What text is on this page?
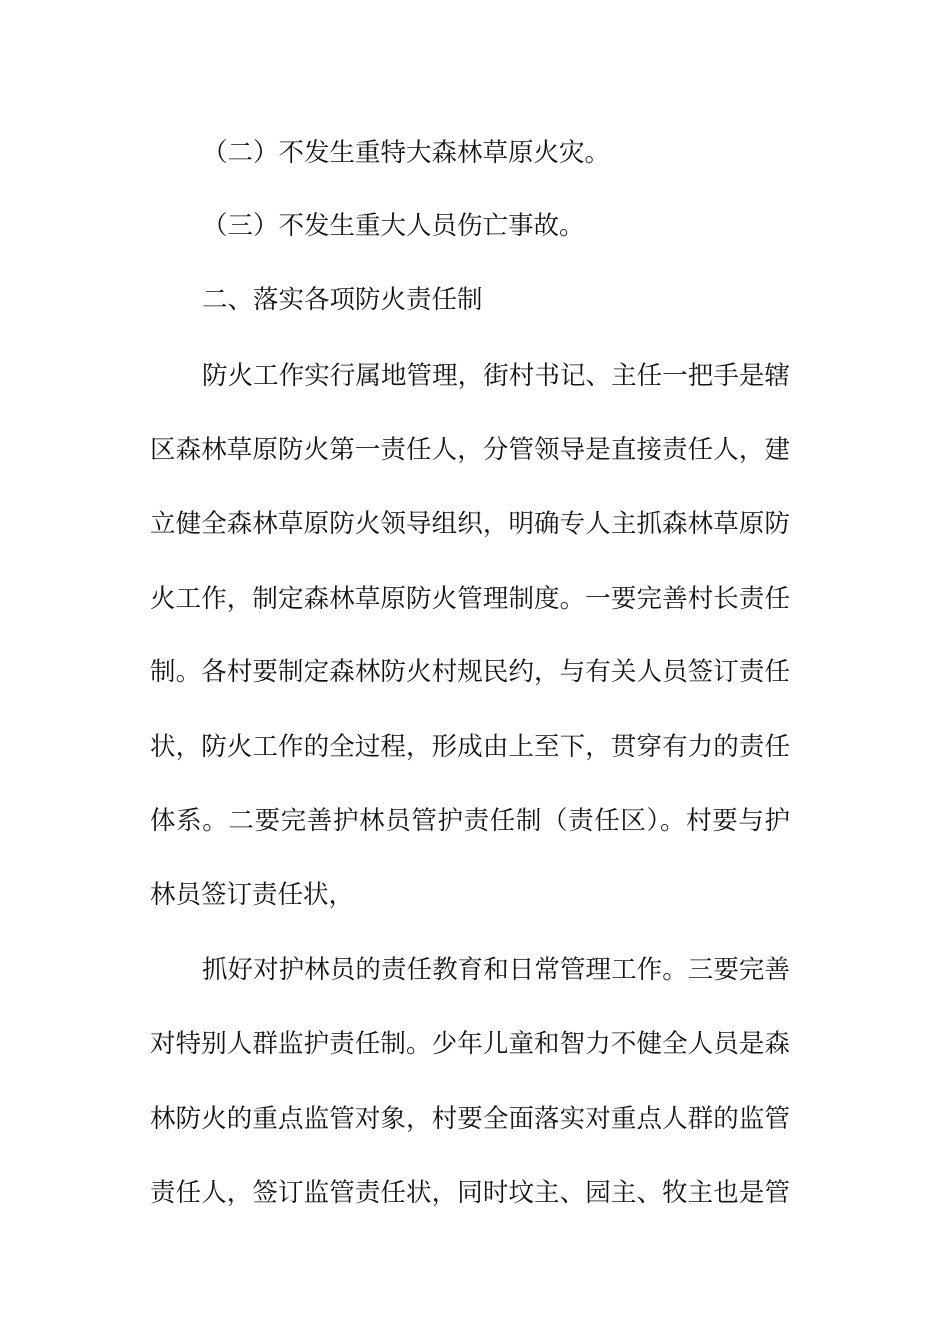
（二）不发生重特大森林草原火灾。
（三）不发生重大人员伤亡事故。
二、落实各项防火责任制
防火工作实行属地管理，街村书记、主任一把手是辖
区森林草原防火第一责任人，分管领导是直接责任人，建
立健全森林草原防火领导组织，明确专人主抓森林草原防
火工作，制定森林草原防火管理制度。一要完善村长责任
制。各村要制定森林防火村规民约，与有关人员签订责任
状，防火工作的全过程，形成由上至下，贯穿有力的责任
体系。二要完善护林员管护责任制（责任区）。村要与护
林员签订责任状，
抓好对护林员的责任教育和日常管理工作。三要完善
对特别人群监护责任制。少年儿童和智力不健全人员是森
林防火的重点监管对象，村要全面落实对重点人群的监管
责任人，签订监管责任状，同时坟主、园主、牧主也是管
